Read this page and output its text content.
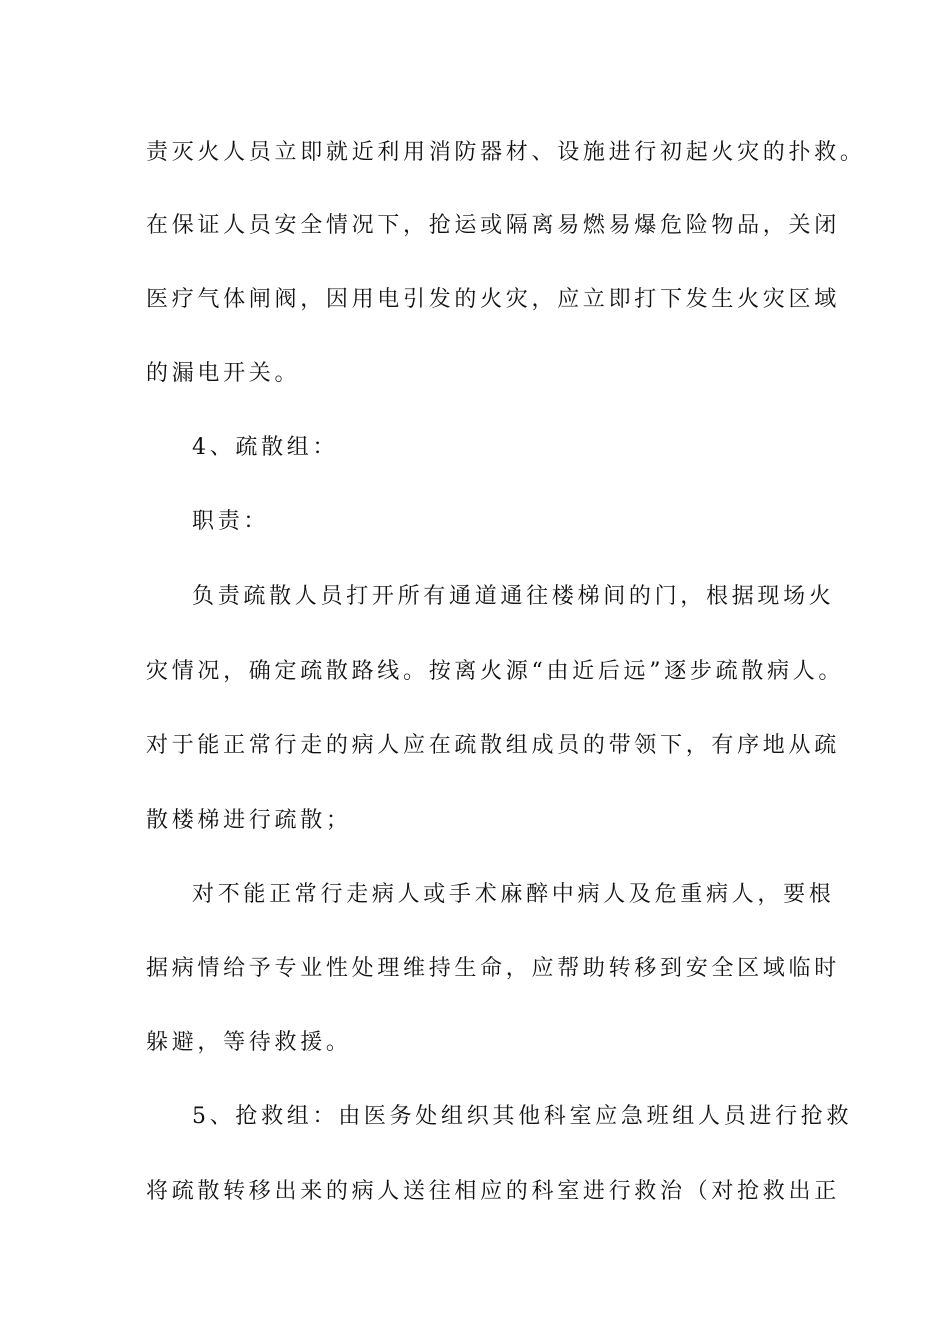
责灭火人员立即就近利用消防器材、设施进行初起火灾的扑救。
在保证人员安全情况下，抢运或隔离易燃易爆危险物品，关闭
医疗气体闸阀，因用电引发的火灾，应立即打下发生火灾区域
的漏电开关。
4、疏散组：
职责：
负责疏散人员打开所有通道通往楼梯间的门，根据现场火
灾情况，确定疏散路线。按离火源“由近后远”逐步疏散病人。
对于能正常行走的病人应在疏散组成员的带领下，有序地从疏
散楼梯进行疏散；
对不能正常行走病人或手术麻醉中病人及危重病人，要根
据病情给予专业性处理维持生命，应帮助转移到安全区域临时
躲避，等待救援。
5、抢救组：由医务处组织其他科室应急班组人员进行抢救
将疏散转移出来的病人送往相应的科室进行救治（对抢救出正
